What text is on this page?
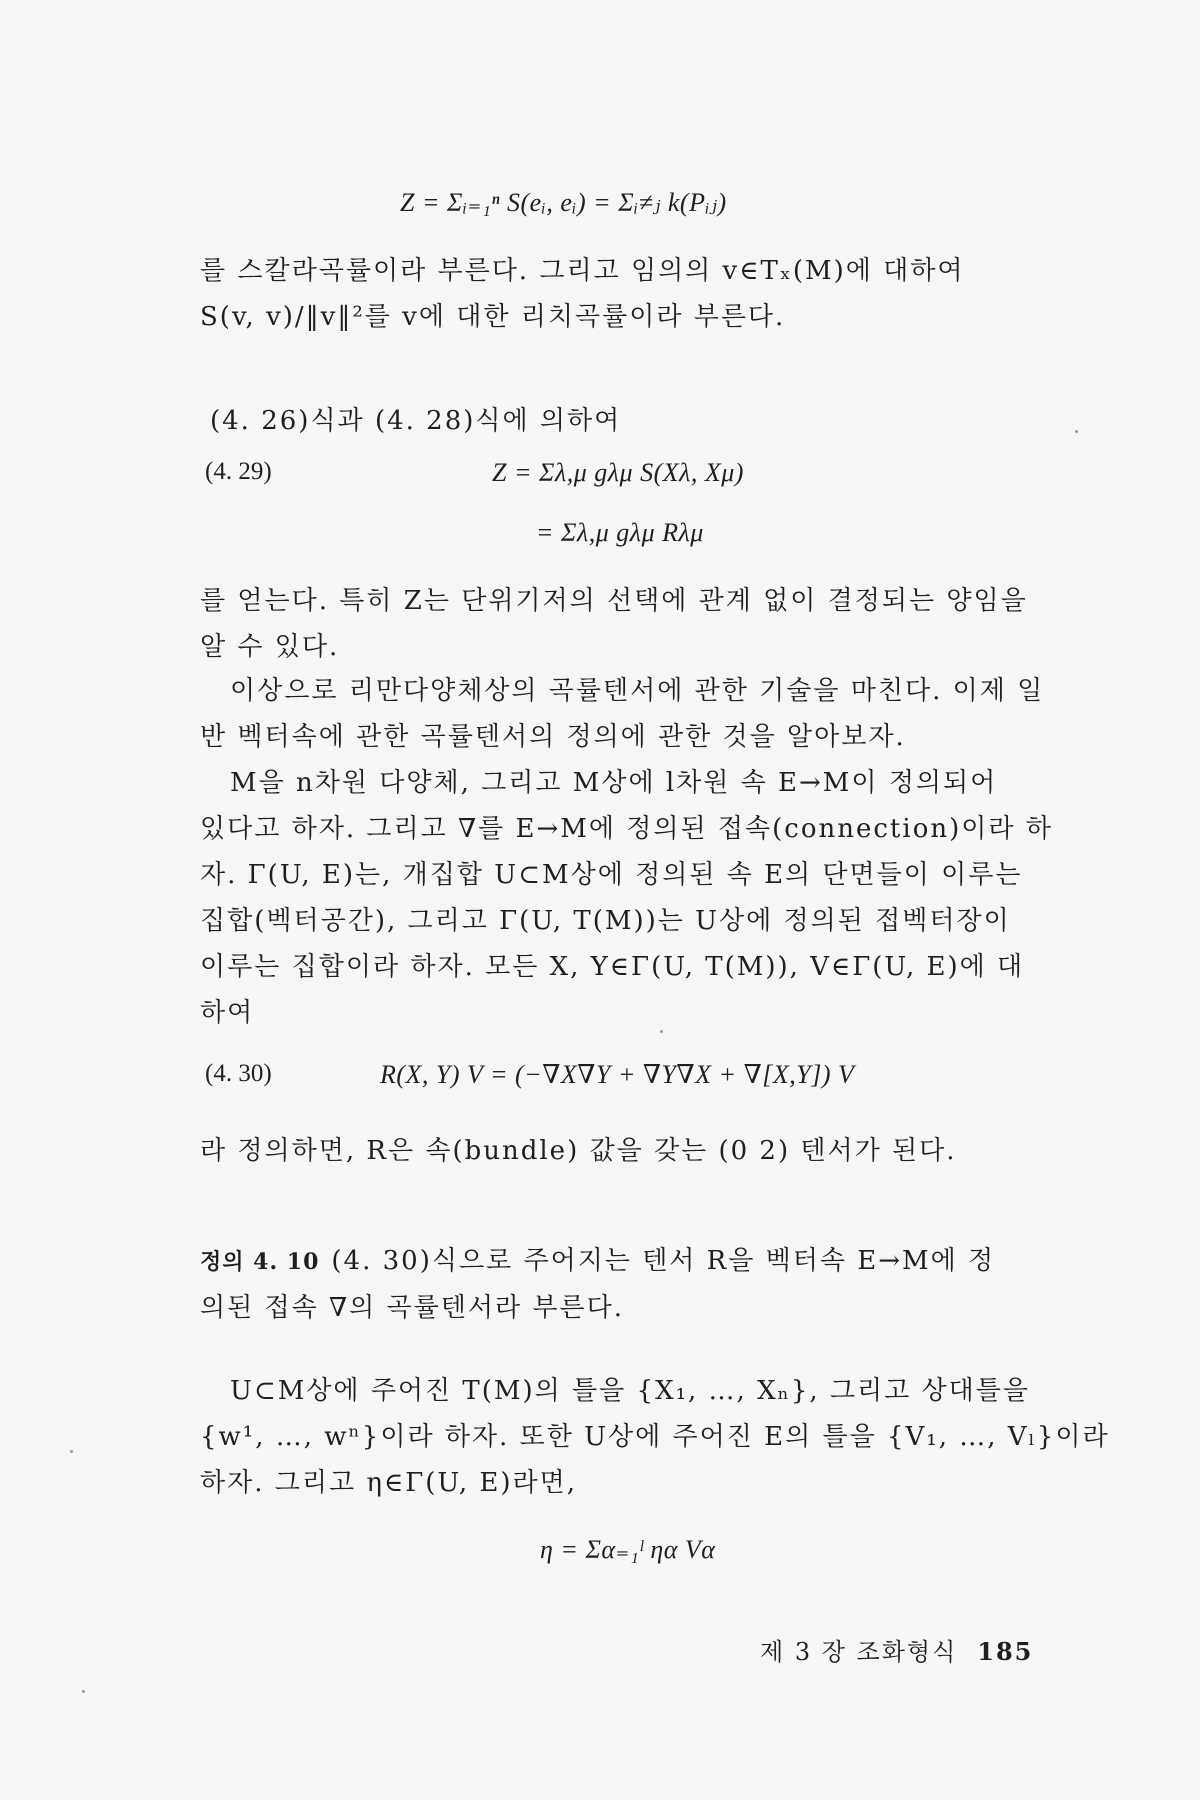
Z = Σᵢ₌₁ⁿ S(eᵢ, eᵢ) = Σᵢ≠ⱼ k(Pᵢⱼ)
를 스칼라곡률이라 부른다. 그리고 임의의 v∈Tₓ(M)에 대하여
S(v, v)/‖v‖²를 v에 대한 리치곡률이라 부른다.
(4. 26)식과 (4. 28)식에 의하여
(4. 29)	Z = Σλ,μ gλμ S(Xλ, Xμ)
= Σλ,μ gλμ Rλμ
를 얻는다. 특히 Z는 단위기저의 선택에 관계 없이 결정되는 양임을
알 수 있다.
이상으로 리만다양체상의 곡률텐서에 관한 기술을 마친다. 이제 일
반 벡터속에 관한 곡률텐서의 정의에 관한 것을 알아보자.
M을 n차원 다양체, 그리고 M상에 l차원 속 E→M이 정의되어
있다고 하자. 그리고 ∇를 E→M에 정의된 접속(connection)이라 하
자. Γ(U, E)는, 개집합 U⊂M상에 정의된 속 E의 단면들이 이루는
집합(벡터공간), 그리고 Γ(U, T(M))는 U상에 정의된 접벡터장이
이루는 집합이라 하자. 모든 X, Y∈Γ(U, T(M)), V∈Γ(U, E)에 대
하여
(4. 30)	R(X, Y) V = (−∇X∇Y + ∇Y∇X + ∇[X,Y]) V
라 정의하면, R은 속(bundle) 값을 갖는 (0 2) 텐서가 된다.
정의 4. 10 (4. 30)식으로 주어지는 텐서 R을 벡터속 E→M에 정
의된 접속 ∇의 곡률텐서라 부른다.
U⊂M상에 주어진 T(M)의 틀을 {X₁, …, Xₙ}, 그리고 상대틀을
{w¹, …, wⁿ}이라 하자. 또한 U상에 주어진 E의 틀을 {V₁, …, Vₗ}이라
하자. 그리고 η∈Γ(U, E)라면,
η = Σα₌₁ˡ ηα Vα
제 3 장 조화형식 185
